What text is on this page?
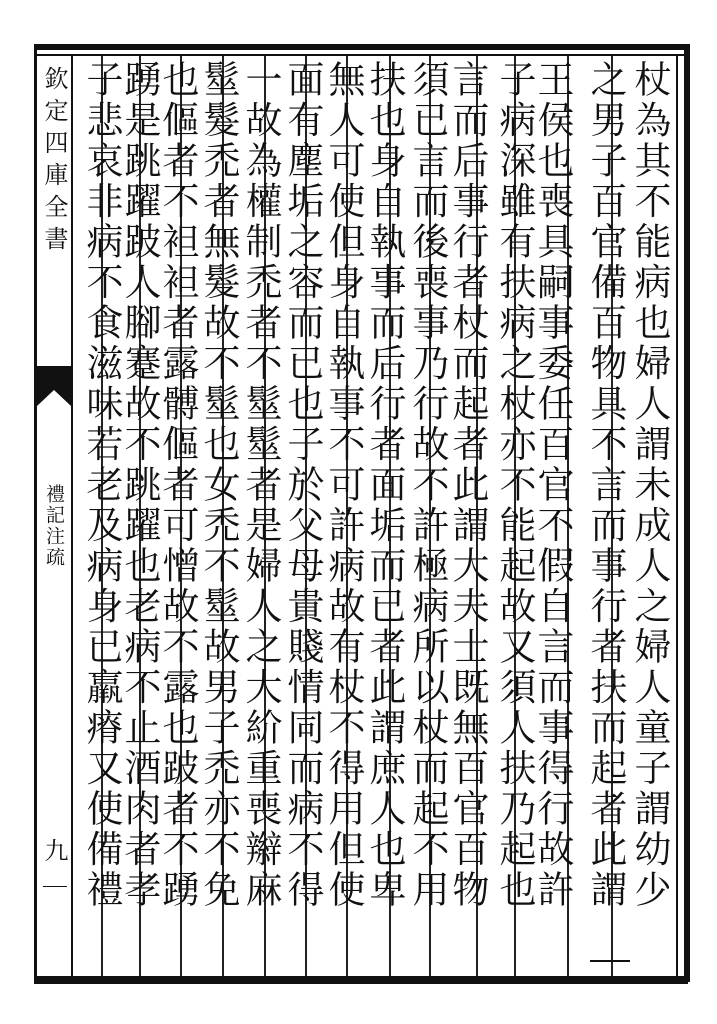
欽定四庫全書
禮記注疏
九	杖為其不能病也婦人謂未成人之婦人童子謂幼少
之男子百官備百物具不言而事行者扶而起者此謂
王侯也喪具嗣事委任百官不假自言而事得行故許
子病深雖有扶病之杖亦不能起故又須人扶乃起也
言而后事行者杖而起者此謂大夫士既無百官百物
須已言而後喪事乃行故不許極病所以杖而起不用
扶也身自執事而后行者面垢而已者此謂庶人也卑
無人可使但身自執事不可許病故有杖不得用但使
面有塵垢之容而已也子於父母貴賤情同而病不得
一故為權制禿者不髽髽者是婦人之大紒重喪辮麻
髽髮禿者無髮故不髽也女禿不髽故男子禿亦不免
也傴者不袒袒者露髆傴者可憎故不露也跛者不踴
踴是跳躍跛人腳蹇故不跳躍也老病不止酒肉者孝
子悲哀非病不食滋味若老及病身已羸瘠又使備禮
